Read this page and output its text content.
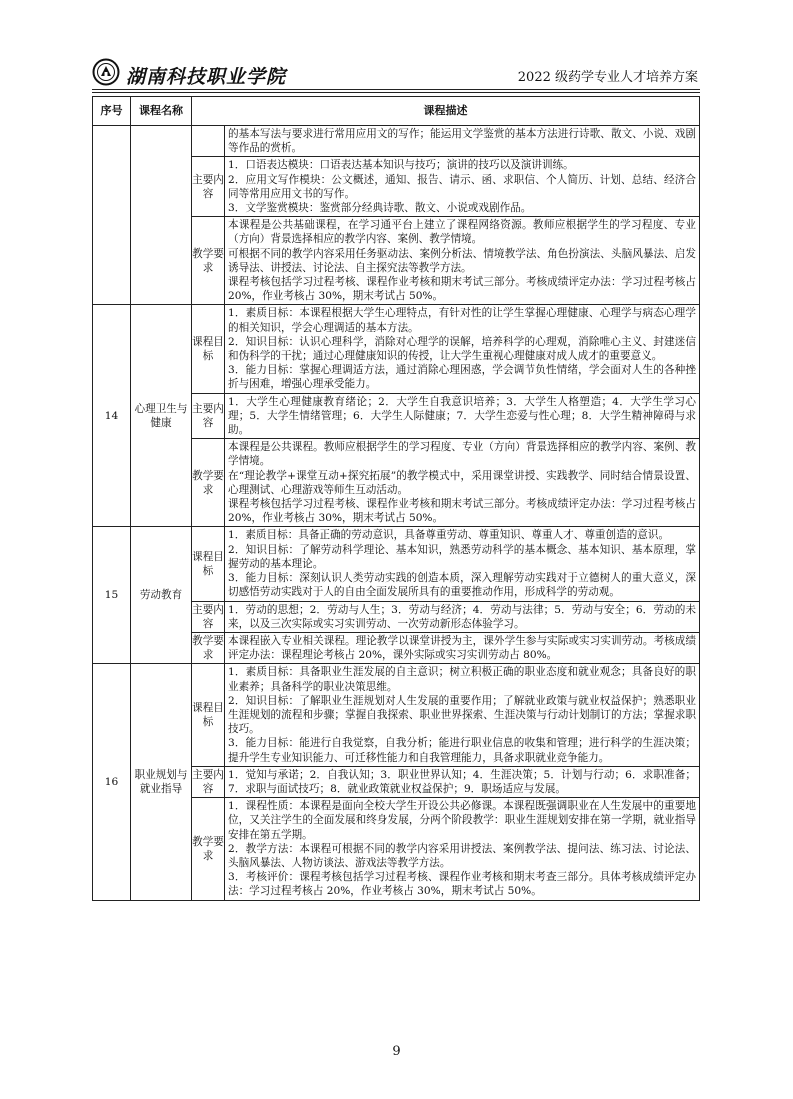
湖南科技职业学院	2022 级药学专业人才培养方案
序号	课程名称	课程描述	
			的基本写法与要求进行常用应用文的写作；能运用文学鉴赏的基本方法进行诗歌、散文、小说、戏剧等作品的赏析。
		主要内容	1．口语表达模块：口语表达基本知识与技巧；演讲的技巧以及演讲训练。
2．应用文写作模块：公文概述，通知、报告、请示、函、求职信、个人简历、计划、总结、经济合同等常用应用文书的写作。
3．文学鉴赏模块：鉴赏部分经典诗歌、散文、小说或戏剧作品。

		教学要求	本课程是公共基础课程，在学习通平台上建立了课程网络资源。教师应根据学生的学习程度、专业（方向）背景选择相应的教学内容、案例、教学情境。
可根据不同的教学内容采用任务驱动法、案例分析法、情境教学法、角色扮演法、头脑风暴法、启发诱导法、讲授法、讨论法、自主探究法等教学方法。
课程考核包括学习过程考核、课程作业考核和期末考试三部分。考核成绩评定办法：学习过程考核占 20%，作业考核占 30%，期末考试占 50%。

14	心理卫生与健康	课程目标	1．素质目标：本课程根据大学生心理特点，有针对性的让学生掌握心理健康、心理学与病态心理学的相关知识，学会心理调适的基本方法。
2．知识目标：认识心理科学，消除对心理学的误解，培养科学的心理观，消除唯心主义、封建迷信和伪科学的干扰；通过心理健康知识的传授，让大学生重视心理健康对成人成才的重要意义。
3．能力目标：掌握心理调适方法，通过消除心理困惑，学会调节负性情绪，学会面对人生的各种挫折与困难，增强心理承受能力。

		主要内容	1．大学生心理健康教育绪论；2．大学生自我意识培养；3．大学生人格塑造；4．大学生学习心理；5．大学生情绪管理；6．大学生人际健康；7．大学生恋爱与性心理；8．大学生精神障碍与求助。

		教学要求	本课程是公共课程。教师应根据学生的学习程度、专业（方向）背景选择相应的教学内容、案例、教学情境。
在“理论教学+课堂互动+探究拓展”的教学模式中，采用课堂讲授、实践教学、同时结合情景设置、心理测试、心理游戏等师生互动活动。
课程考核包括学习过程考核、课程作业考核和期末考试三部分。考核成绩评定办法：学习过程考核占 20%，作业考核占 30%，期末考试占 50%。

15	劳动教育	课程目标	1．素质目标：具备正确的劳动意识，具备尊重劳动、尊重知识、尊重人才、尊重创造的意识。
2．知识目标：了解劳动科学理论、基本知识，熟悉劳动科学的基本概念、基本知识、基本原理，掌握劳动的基本理论。
3．能力目标：深刻认识人类劳动实践的创造本质，深入理解劳动实践对于立德树人的重大意义，深切感悟劳动实践对于人的自由全面发展所具有的重要推动作用，形成科学的劳动观。

		主要内容	1．劳动的思想；2．劳动与人生；3．劳动与经济；4．劳动与法律；5．劳动与安全；6．劳动的未来，以及三次实际或实习实训劳动、一次劳动新形态体验学习。

		教学要求	本课程嵌入专业相关课程。理论教学以课堂讲授为主，课外学生参与实际或实习实训劳动。考核成绩评定办法：课程理论考核占 20%，课外实际或实习实训劳动占 80%。

16	职业规划与就业指导	课程目标	1．素质目标：具备职业生涯发展的自主意识；树立积极正确的职业态度和就业观念；具备良好的职业素养；具备科学的职业决策思维。
2．知识目标：了解职业生涯规划对人生发展的重要作用；了解就业政策与就业权益保护；熟悉职业生涯规划的流程和步骤；掌握自我探索、职业世界探索、生涯决策与行动计划制订的方法；掌握求职技巧。
3．能力目标：能进行自我觉察，自我分析；能进行职业信息的收集和管理；进行科学的生涯决策；提升学生专业知识能力、可迁移性能力和自我管理能力，具备求职就业竞争能力。

		主要内容	1．觉知与承诺；2．自我认知；3．职业世界认知；4．生涯决策；5．计划与行动；6．求职准备；7．求职与面试技巧；8．就业政策就业权益保护；9．职场适应与发展。

		教学要求	1．课程性质：本课程是面向全校大学生开设公共必修课。本课程既强调职业在人生发展中的重要地位，又关注学生的全面发展和终身发展，分两个阶段教学：职业生涯规划安排在第一学期，就业指导安排在第五学期。
2．教学方法：本课程可根据不同的教学内容采用讲授法、案例教学法、提问法、练习法、讨论法、头脑风暴法、人物访谈法、游戏法等教学方法。
3．考核评价：课程考核包括学习过程考核、课程作业考核和期末考查三部分。具体考核成绩评定办法：学习过程考核占 20%，作业考核占 30%，期末考试占 50%。
9
